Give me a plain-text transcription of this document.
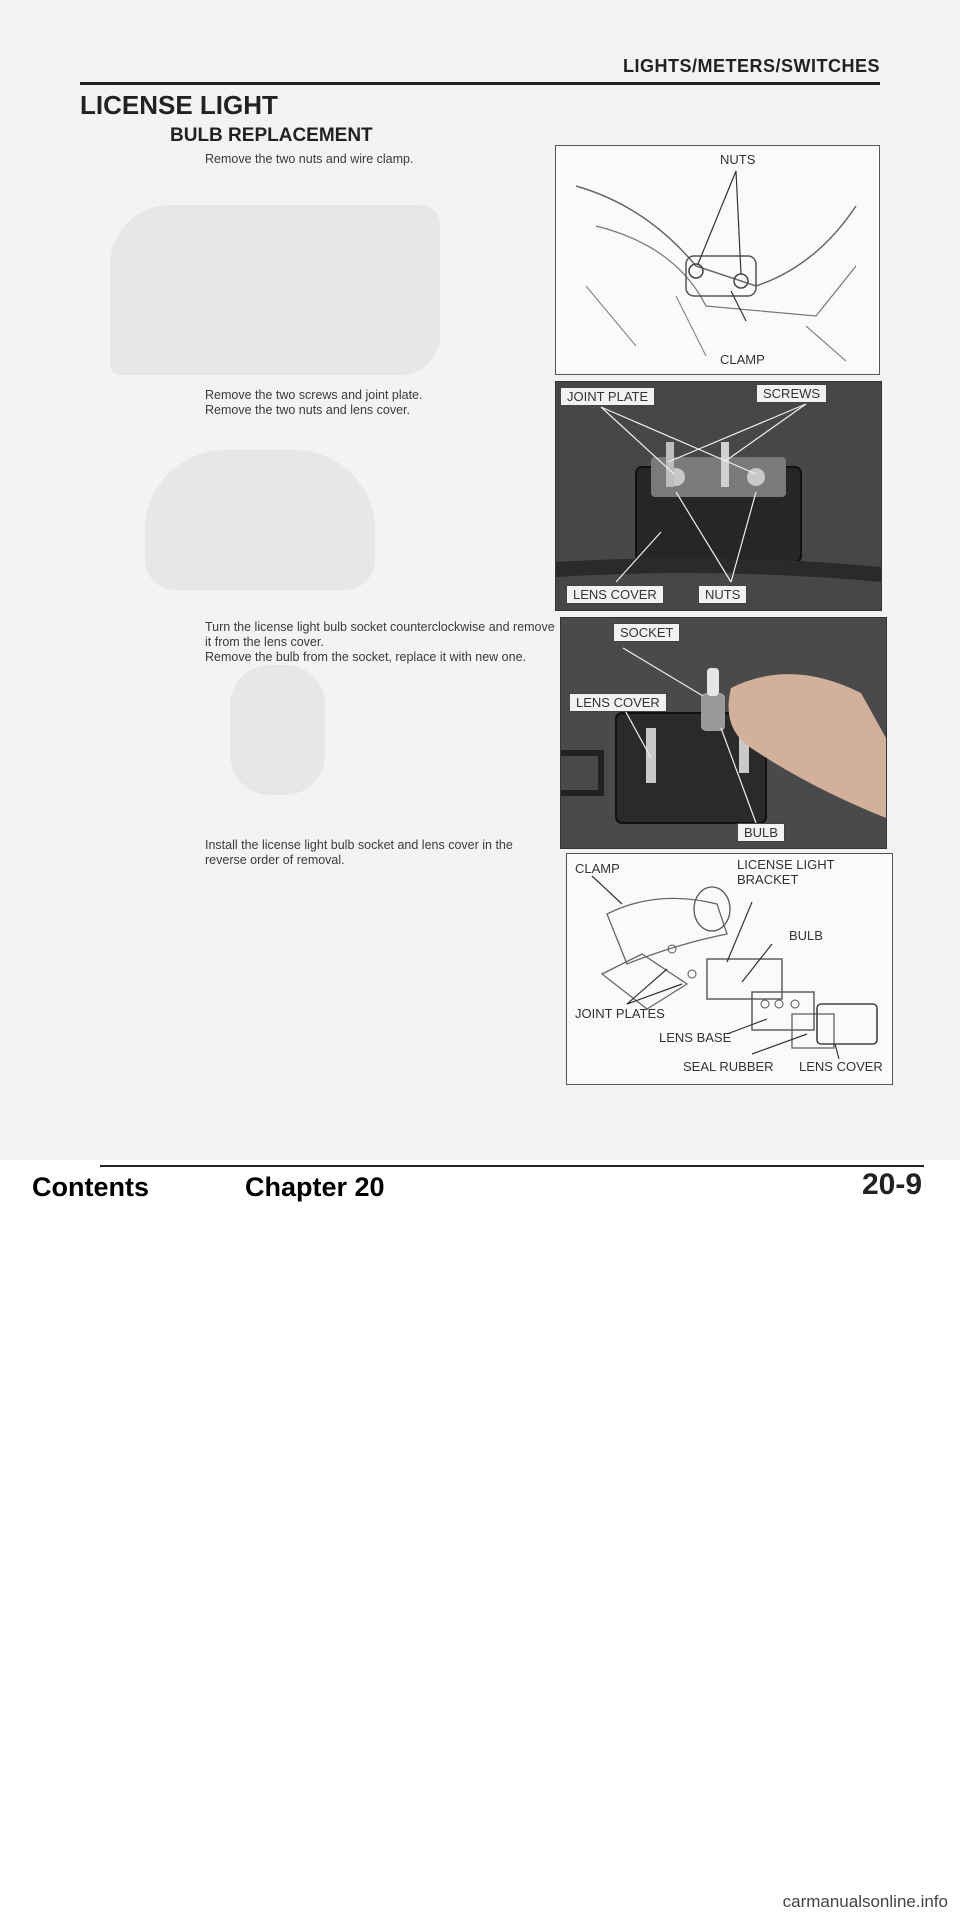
LIGHTS/METERS/SWITCHES
LICENSE LIGHT
BULB REPLACEMENT
Remove the two nuts and wire clamp.
Remove the two screws and joint plate.
Remove the two nuts and lens cover.
Turn the license light bulb socket counterclockwise and remove it from the lens cover.
Remove the bulb from the socket, replace it with new one.
Install the license light bulb socket and lens cover in the reverse order of removal.
NUTS
CLAMP
JOINT PLATE	SCREWS
LENS COVER	NUTS
SOCKET
LENS COVER
BULB
CLAMP	LICENSE LIGHT
BRACKET
BULB
JOINT PLATES
LENS BASE
SEAL RUBBER LENS COVER
20-9
Contents	Chapter 20
carmanualsonline.info
